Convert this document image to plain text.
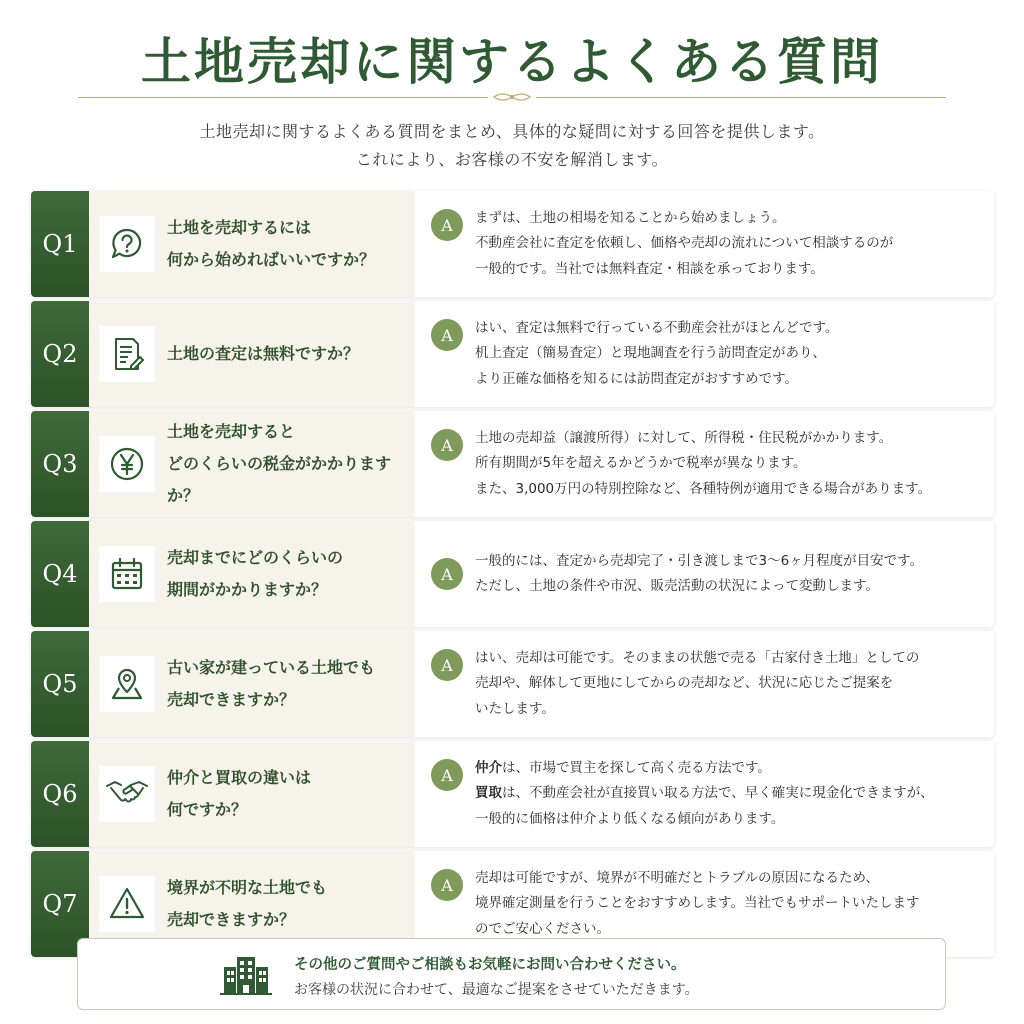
土地売却に関するよくある質問
土地売却に関するよくある質問をまとめ、具体的な疑問に対する回答を提供します。
これにより、お客様の不安を解消します。
Q1
土地を売却するには
何から始めればいいですか？
A	まずは、土地の相場を知ることから始めましょう。
不動産会社に査定を依頼し、価格や売却の流れについて相談するのが
一般的です。当社では無料査定・相談を承っております。
Q2	土地の査定は無料ですか？
A	はい、査定は無料で行っている不動産会社がほとんどです。
机上査定（簡易査定）と現地調査を行う訪問査定があり、
より正確な価格を知るには訪問査定がおすすめです。
Q3
土地を売却すると
どのくらいの税金がかかりますか？
A	土地の売却益（譲渡所得）に対して、所得税・住民税がかかります。
所有期間が5年を超えるかどうかで税率が異なります。
また、3,000万円の特別控除など、各種特例が適用できる場合があります。
Q4
売却までにどのくらいの
期間がかかりますか？
A
一般的には、査定から売却完了・引き渡しまで3〜6ヶ月程度が目安です。
ただし、土地の条件や市況、販売活動の状況によって変動します。
Q5
古い家が建っている土地でも
売却できますか？
A	はい、売却は可能です。そのままの状態で売る「古家付き土地」としての
売却や、解体して更地にしてからの売却など、状況に応じたご提案を
いたします。
Q6
仲介と買取の違いは
何ですか？
A	仲介は、市場で買主を探して高く売る方法です。
買取は、不動産会社が直接買い取る方法で、早く確実に現金化できますが、
一般的に価格は仲介より低くなる傾向があります。
Q7
境界が不明な土地でも
売却できますか？
A	売却は可能ですが、境界が不明確だとトラブルの原因になるため、
境界確定測量を行うことをおすすめします。当社でもサポートいたします
のでご安心ください。
その他のご質問やご相談もお気軽にお問い合わせください。
お客様の状況に合わせて、最適なご提案をさせていただきます。
